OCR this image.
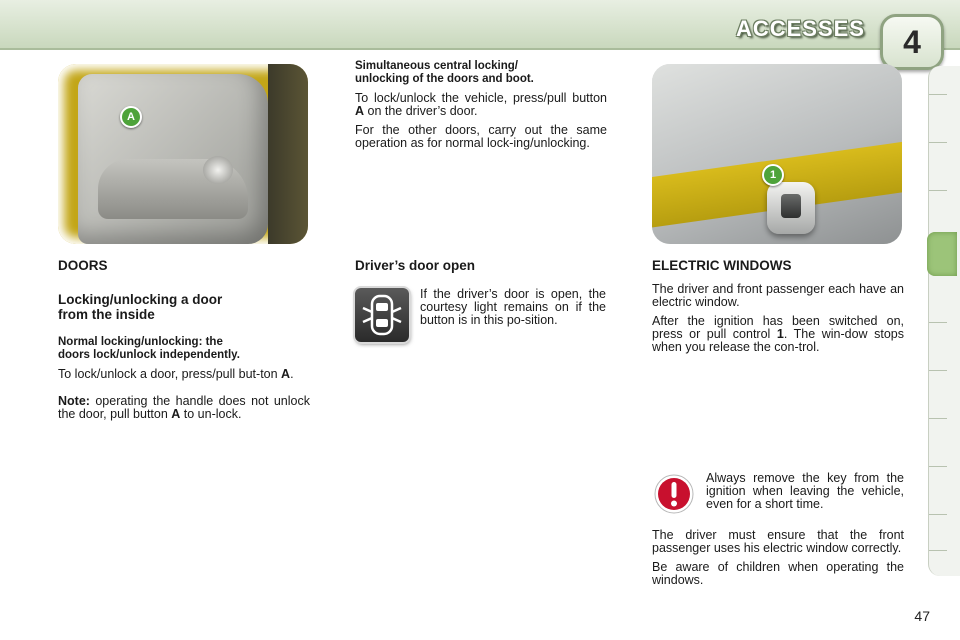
ACCESSES	4
A
1
DOORS
Locking/unlocking a door
from the inside
Normal locking/unlocking: the
doors lock/unlock independently.

To lock/unlock a door, press/pull but-ton A.

Note: operating the handle does not unlock the door, pull button A to un-lock.

Simultaneous central locking/
unlocking of the doors and boot.

To lock/unlock the vehicle, press/pull button A on the driver’s door.

For the other doors, carry out the same operation as for normal lock-ing/unlocking.

Driver’s door open

If the driver’s door is open, the courtesy light remains on if the button is in this po-sition.

ELECTRIC WINDOWS

The driver and front passenger each have an electric window.

After the ignition has been switched on, press or pull control 1. The win-dow stops when you release the con-trol.

Always remove the key from the ignition when leaving the vehicle, even for a short time.

The driver must ensure that the front passenger uses his electric window correctly.

Be aware of children when operating the windows.

47
